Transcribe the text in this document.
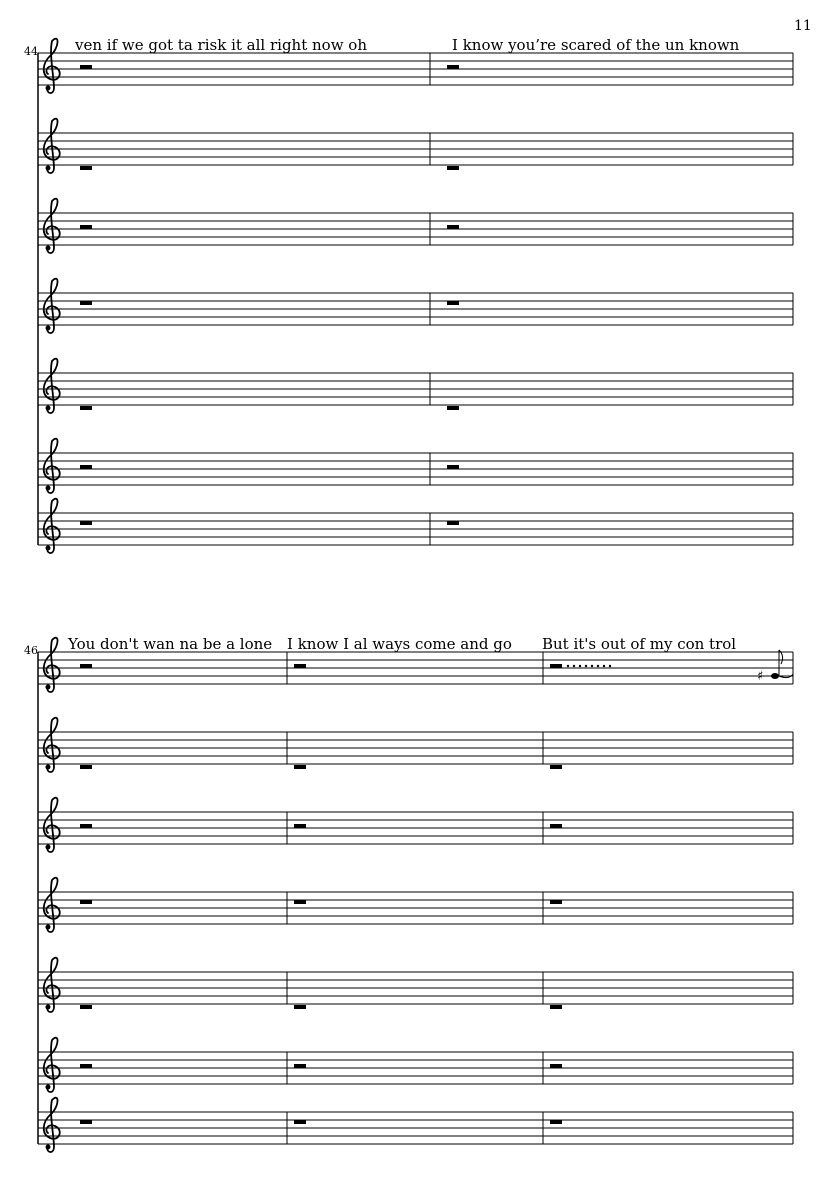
11
44 ven if we got ta risk it all right now oh	I know you’re scared of the un known
46 You don't wan na be a lone I know I al ways come and go But it's out of my con trol
♯
